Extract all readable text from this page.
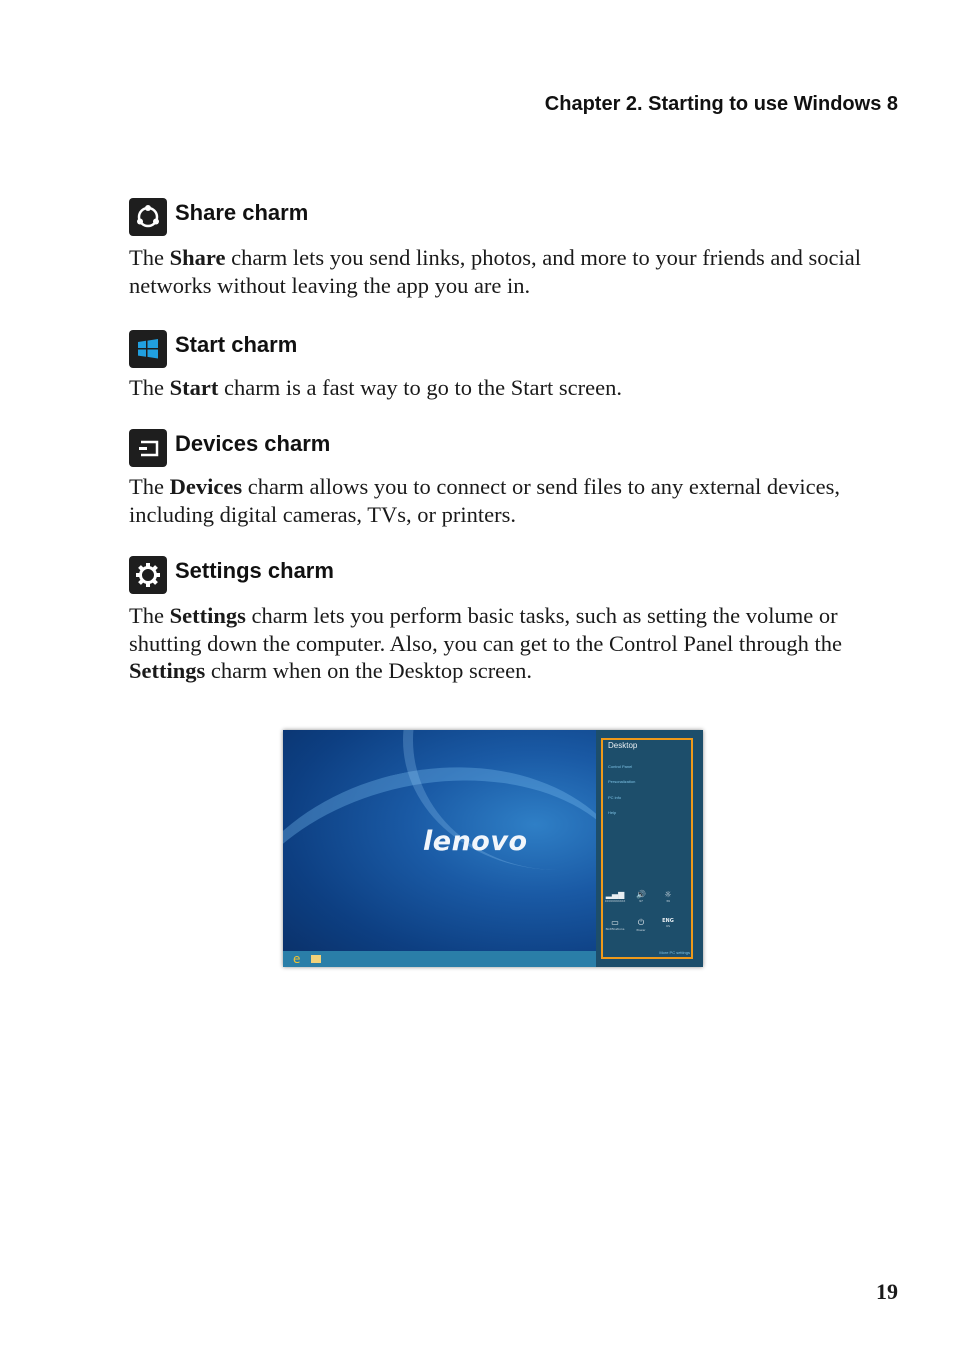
Chapter 2. Starting to use Windows 8
Share charm

The Share charm lets you send links, photos, and more to your friends and social networks without leaving the app you are in.

Start charm

The Start charm is a fast way to go to the Start screen.

Devices charm

The Devices charm allows you to connect or send files to any external devices, including digital cameras, TVs, or printers.

Settings charm

The Settings charm lets you perform basic tasks, such as setting the volume or shutting down the computer. Also, you can get to the Control Panel through the Settings charm when on the Desktop screen.

lenovo
e
Desktop
Control Panel
Personalization
PC info
Help
▂▄▆
XXXXXXXXXX
🔊
97
☼
39
▭
Notifications
⏻
Power
ENG
US
More PC settings
19
